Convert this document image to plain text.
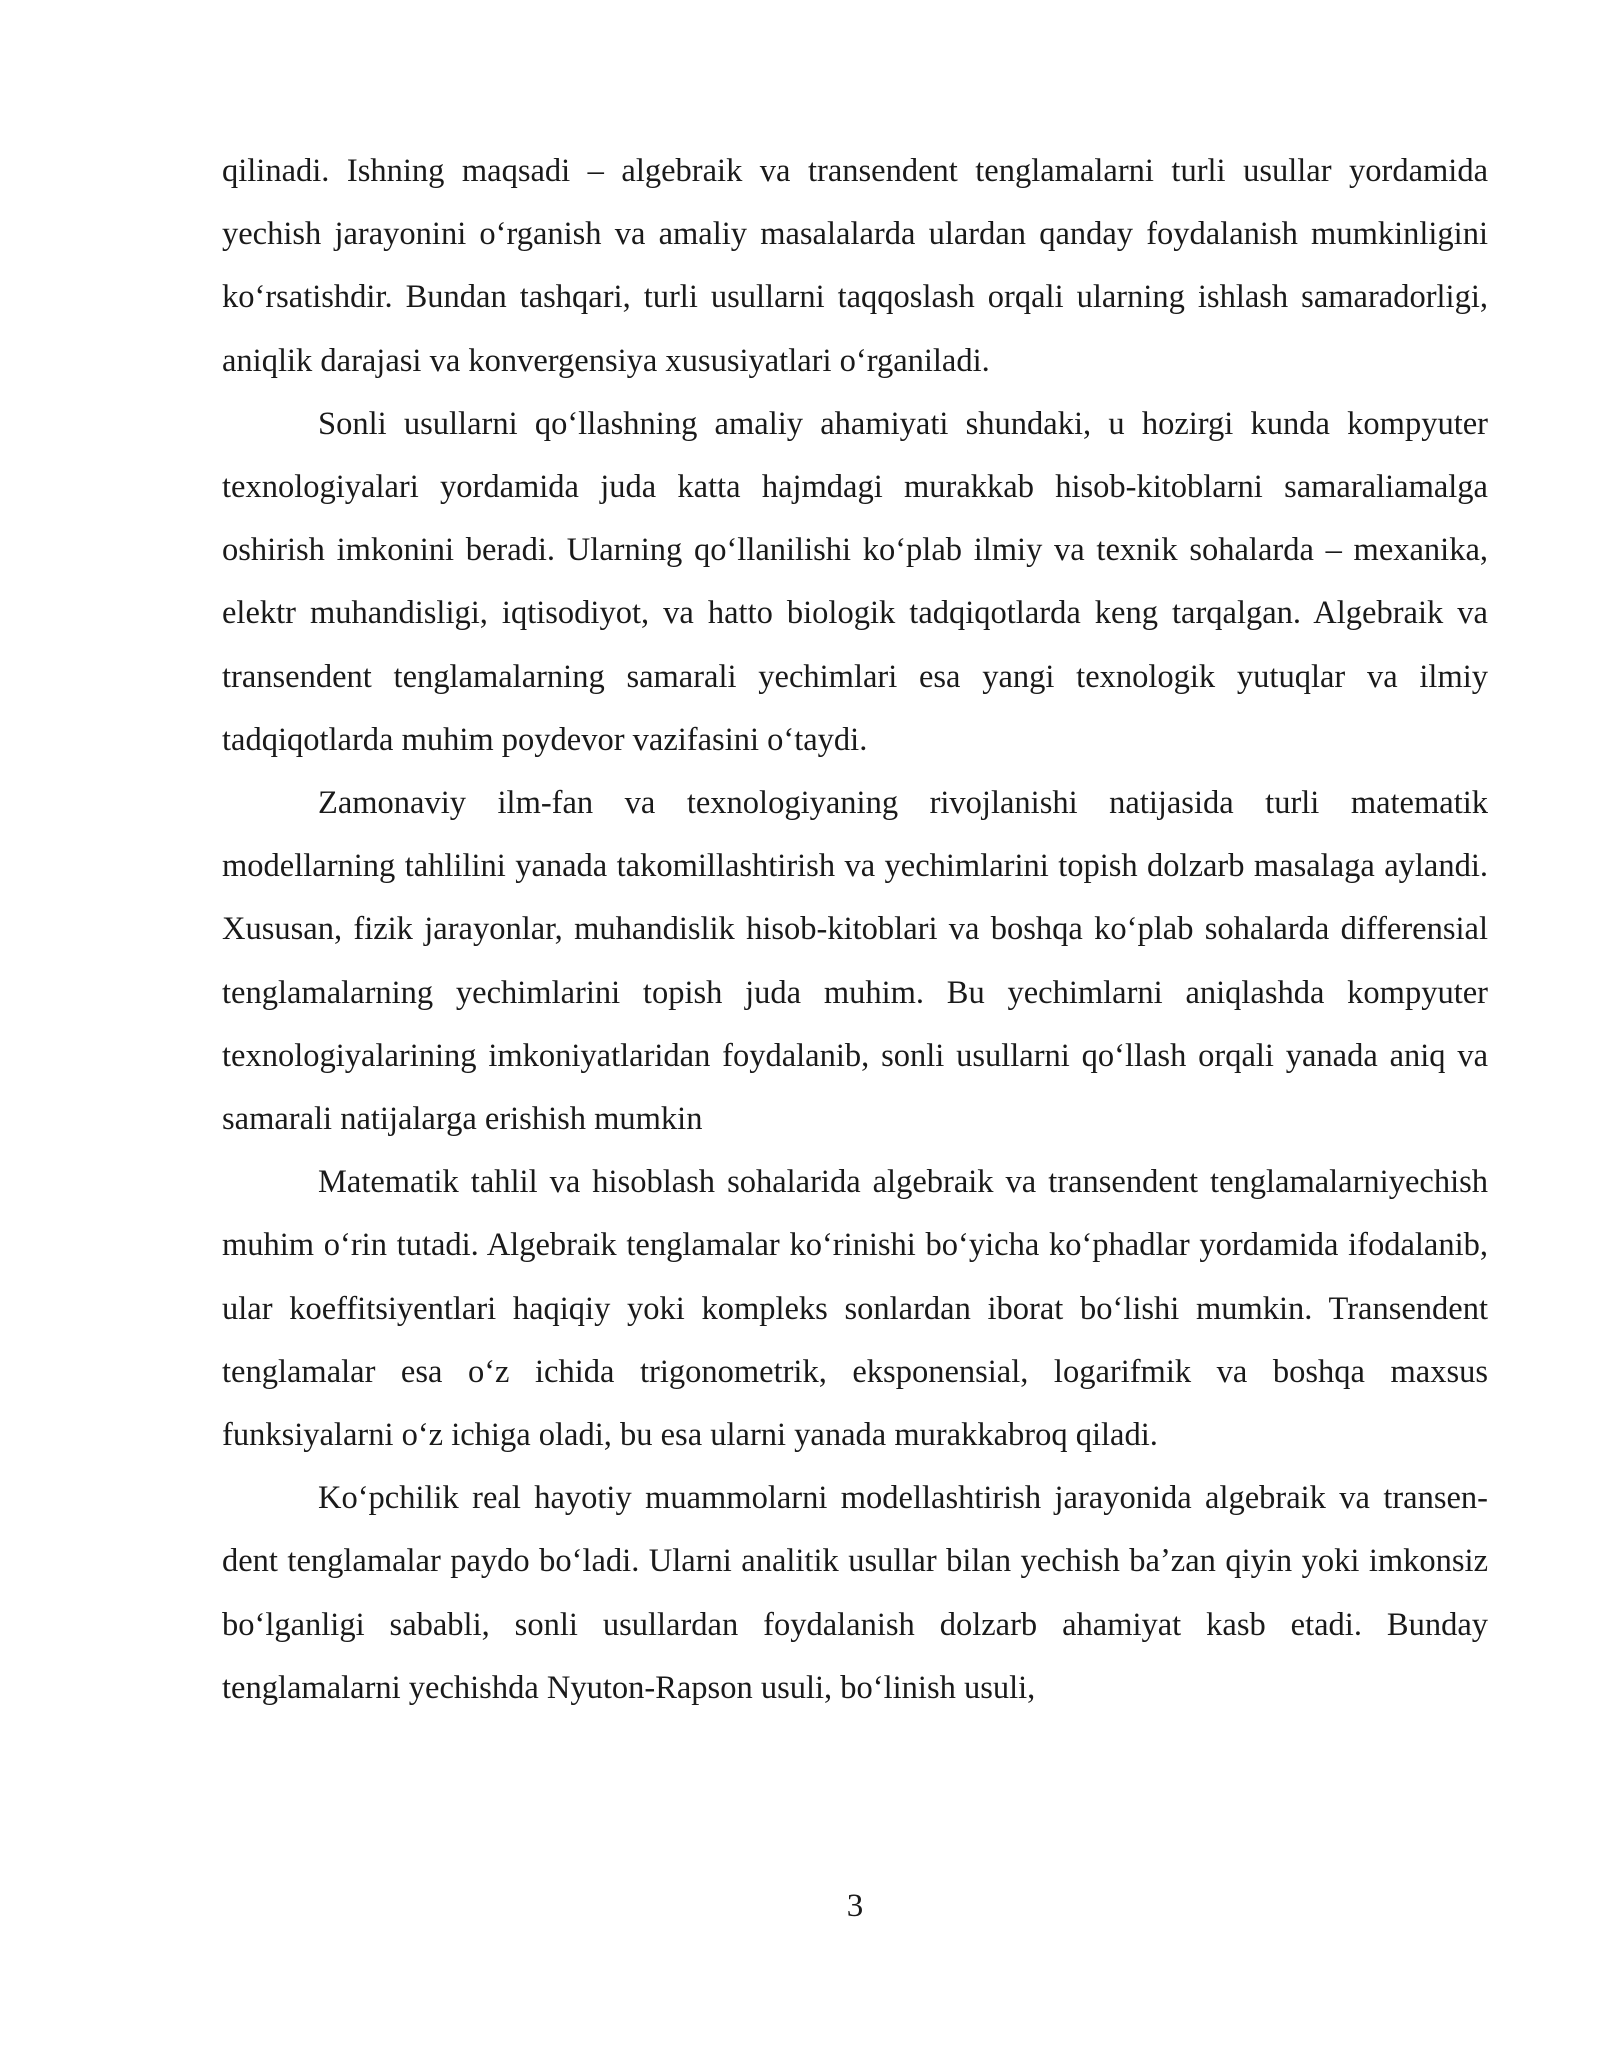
qilinadi. Ishning maqsadi – algebraik va transendent tenglamalarni turli usullar yordamida yechish jarayonini oʻrganish va amaliy masalalarda ulardan qanday foydalanish mumkinligini koʻrsatishdir. Bundan tashqari, turli usullarni taqqoslash orqali ularning ishlash samaradorligi, aniqlik darajasi va konvergensiya xususiyatlari oʻrganiladi.

Sonli usullarni qoʻllashning amaliy ahamiyati shundaki, u hozirgi kunda kompyuter texnologiyalari yordamida juda katta hajmdagi murakkab hisob-kitoblarni samaraliamalga oshirish imkonini beradi. Ularning qoʻllanilishi koʻplab ilmiy va texnik sohalarda – mexanika, elektr muhandisligi, iqtisodiyot, va hatto biologik tadqiqotlarda keng tarqalgan. Algebraik va transendent tenglamalarning samarali yechimlari esa yangi texnologik yutuqlar va ilmiy tadqiqotlarda muhim poydevor vazifasini oʻtaydi.

Zamonaviy ilm-fan va texnologiyaning rivojlanishi natijasida turli matematik modellarning tahlilini yanada takomillashtirish va yechimlarini topish dolzarb masalaga aylandi. Xususan, fizik jarayonlar, muhandislik hisob-kitoblari va boshqa koʻplab sohalarda differensial tenglamalarning yechimlarini topish juda muhim. Bu yechimlarni aniqlashda kompyuter texnologiyalarining imkoniyatlaridan foydalanib, sonli usullarni qoʻllash orqali yanada aniq va samarali natijalarga erishish mumkin

Matematik tahlil va hisoblash sohalarida algebraik va transendent tenglamalarniyechish muhim oʻrin tutadi. Algebraik tenglamalar koʻrinishi boʻyicha koʻphadlar yordamida ifodalanib, ular koeffitsiyentlari haqiqiy yoki kompleks sonlardan iborat boʻlishi mumkin. Transendent tenglamalar esa oʻz ichida trigonometrik, eksponensial, logarifmik va boshqa maxsus funksiyalarni oʻz ichiga oladi, bu esa ularni yanada murakkabroq qiladi.

Koʻpchilik real hayotiy muammolarni modellashtirish jarayonida algebraik va transen-dent tenglamalar paydo boʻladi. Ularni analitik usullar bilan yechish baʼzan qiyin yoki imkonsiz boʻlganligi sababli, sonli usullardan foydalanish dolzarb ahamiyat kasb etadi. Bunday tenglamalarni yechishda Nyuton-Rapson usuli, boʻlinish usuli,

3
